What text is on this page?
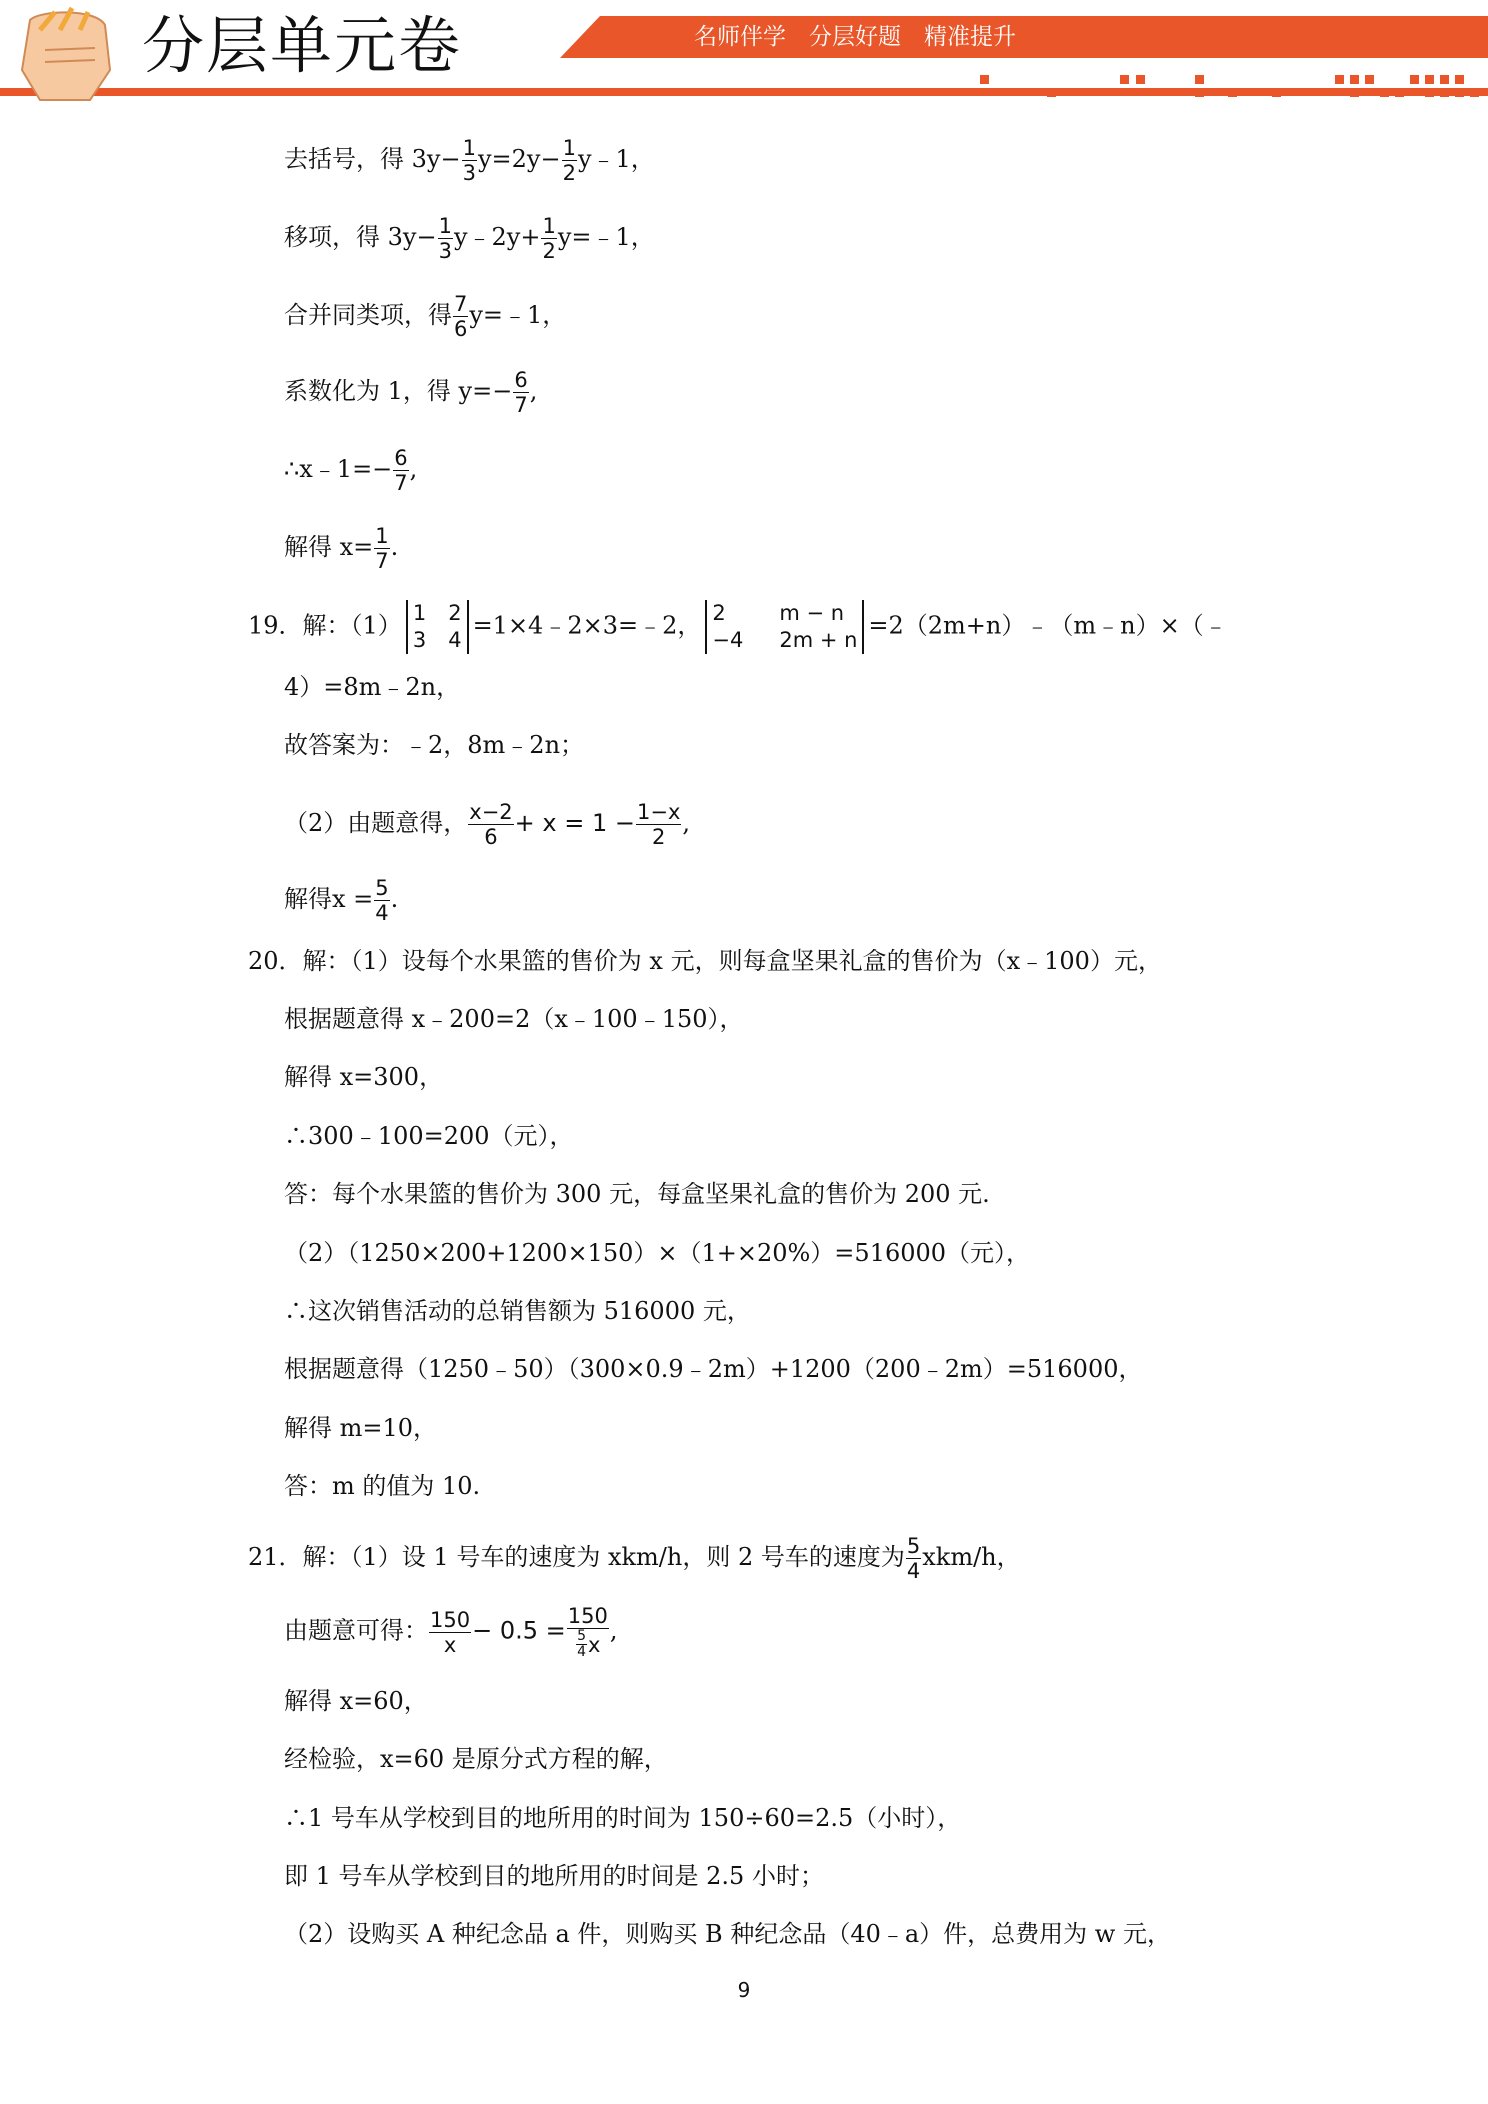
分层单元卷	名师伴学　分层好题　精准提升
去括号，得 $3y- \frac{1}{3} y=2y- \frac{1}{2}$ y﹣1，
移项，得 $3y- \frac{1}{3}$ y﹣2y+ $\frac{1}{2}$ y=﹣1，
合并同类项，得 $\frac{7}{6}$ y=﹣1，
系数化为 1，得 $y=- \frac{6}{7}$ ,
∴x﹣1=− $\frac{6}{7}$ ,
解得 $x= \frac{1}{7}$ .
19．解：（1） 1 2
3 4
=1×4﹣2×3=﹣2， 2	m − n
−4 2m + n
=2（2m+n）﹣（m﹣n）×（﹣
4）=8m﹣2n，
故答案为：﹣2，8m﹣2n；
（2）由题意得， $\frac{x-2}{6} + x = 1 - \frac{1-x}{2}$ ,
解得$x = \frac{5}{4}$ .
20．解：（1）设每个水果篮的售价为 x 元，则每盒坚果礼盒的售价为（x﹣100）元，
根据题意得 x﹣200=2（x﹣100﹣150），
解得 x=300，
∴300﹣100=200（元），
答：每个水果篮的售价为 300 元，每盒坚果礼盒的售价为 200 元.
（2）（1250×200+1200×150）×（1+×20%）=516000（元），
∴这次销售活动的总销售额为 516000 元，
根据题意得（1250﹣50）（300×0.9﹣2m）+1200（200﹣2m）=516000，
解得 m=10，
答：m 的值为 10.
21．解：（1）设 1 号车的速度为 xkm/h，则 2 号车的速度为 $\frac{5}{4} xkm/h$，
由题意可得： $\frac{150}{x} - 0.5 = 150$
5
4 x ,
解得 x=60，
经检验，x=60 是原分式方程的解，
∴1 号车从学校到目的地所用的时间为 150÷60=2.5（小时），
即 1 号车从学校到目的地所用的时间是 2.5 小时；
（2）设购买 A 种纪念品 a 件，则购买 B 种纪念品（40﹣a）件，总费用为 w 元，
9
